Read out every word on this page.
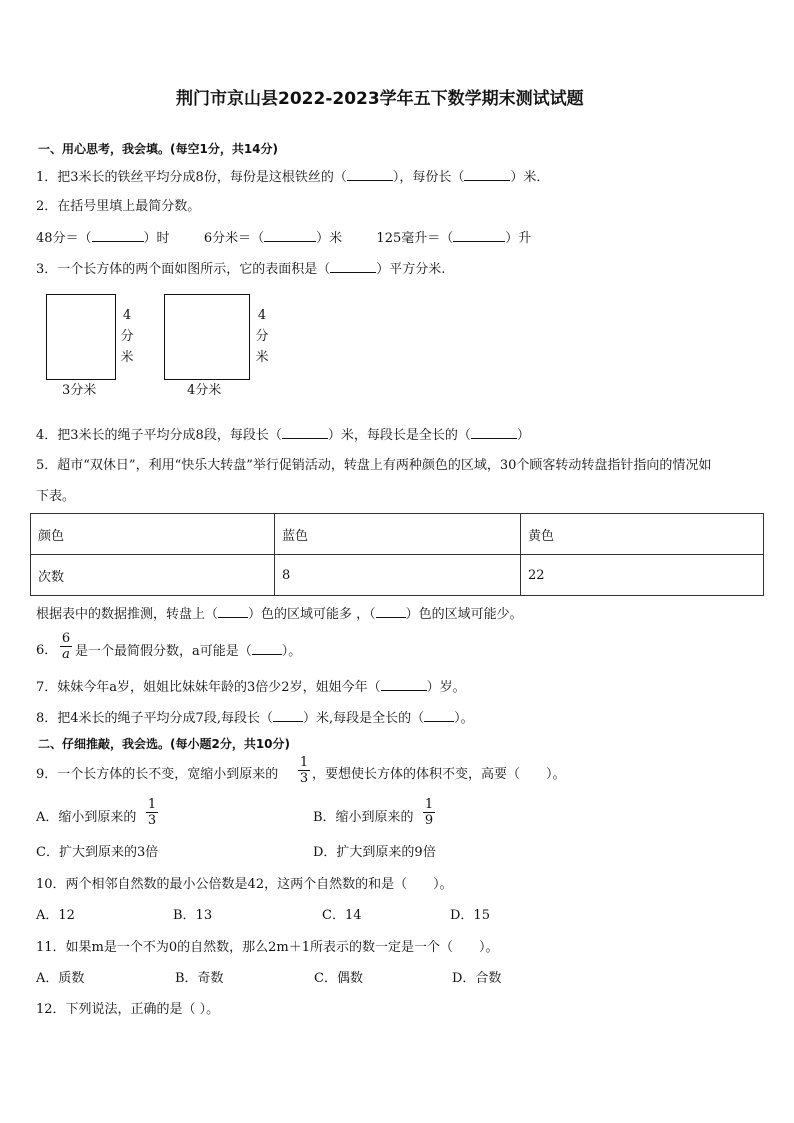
荆门市京山县2022-2023学年五下数学期末测试试题
一、用心思考，我会填。(每空1分，共14分)
1．把3米长的铁丝平均分成8份，每份是这根铁丝的（	），每份长（	）米．
2．在括号里填上最简分数。
48分＝（	）时	6分米＝（	）米	125毫升＝（	）升
3．一个长方体的两个面如图所示，它的表面积是（	）平方分米.
4
分
米
3分米
4
分
米
4分米
4．把3米长的绳子平均分成8段，每段长（	）米，每段长是全长的（	）
5．超市“双休日”，利用“快乐大转盘”举行促销活动，转盘上有两种颜色的区域，30个顾客转动转盘指针指向的情况如
下表。
颜色	蓝色	黄色
次数	8	22
根据表中的数据推测，转盘上（ ）色的区域可能多 ，（ ）色的区域可能少。
6． $\frac{6}{a}$ 是一个最简假分数，a可能是（ ）。
7．妹妹今年a岁，姐姐比妹妹年龄的3倍少2岁，姐姐今年（	）岁。
8．把4米长的绳子平均分成7段,每段长（ ）米,每段是全长的（ ）。
二、仔细推敲，我会选。(每小题2分，共10分)
9．一个长方体的长不变，宽缩小到原来的 $\frac{1}{3}$ ，要想使长方体的体积不变，高要（ ）。
A．缩小到原来的 $\frac{1}{3}$	B．缩小到原来的 $\frac{1}{9}$
C．扩大到原来的3倍	D．扩大到原来的9倍
10．两个相邻自然数的最小公倍数是42，这两个自然数的和是（　　）。
A．12	B．13	C．14	D．15
11．如果m是一个不为0的自然数，那么2m＋1所表示的数一定是一个（　　）。
A．质数	B．奇数	C．偶数	D．合数
12．下列说法，正确的是（ ）。
